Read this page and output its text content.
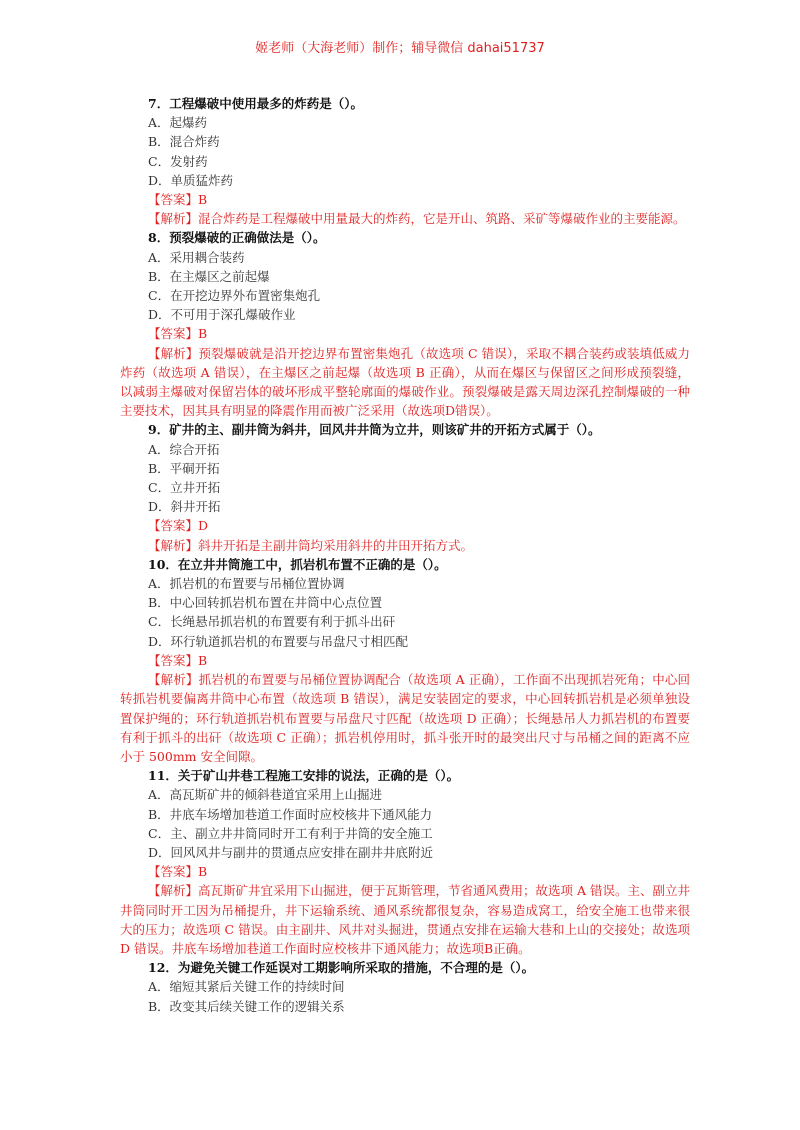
姬老师（大海老师）制作；辅导微信 dahai51737
7．工程爆破中使用最多的炸药是（）。
A．起爆药
B．混合炸药
C．发射药
D．单质猛炸药
【答案】B
【解析】混合炸药是工程爆破中用量最大的炸药，它是开山、筑路、采矿等爆破作业的主要能源。
8．预裂爆破的正确做法是（）。
A．采用耦合装药
B．在主爆区之前起爆
C．在开挖边界外布置密集炮孔
D．不可用于深孔爆破作业
【答案】B
【解析】预裂爆破就是沿开挖边界布置密集炮孔（故选项 C 错误），采取不耦合装药或装填低威力炸药（故选项 A 错误），在主爆区之前起爆（故选项 B 正确），从而在爆区与保留区之间形成预裂缝，以减弱主爆破对保留岩体的破坏形成平整轮廓面的爆破作业。预裂爆破是露天周边深孔控制爆破的一种主要技术，因其具有明显的降震作用而被广泛采用（故选项D错误）。
9．矿井的主、副井筒为斜井，回风井井筒为立井，则该矿井的开拓方式属于（）。
A．综合开拓
B．平硐开拓
C．立井开拓
D．斜井开拓
【答案】D
【解析】斜井开拓是主副井筒均采用斜井的井田开拓方式。
10．在立井井筒施工中，抓岩机布置不正确的是（）。
A．抓岩机的布置要与吊桶位置协调
B．中心回转抓岩机布置在井筒中心点位置
C．长绳悬吊抓岩机的布置要有利于抓斗出矸
D．环行轨道抓岩机的布置要与吊盘尺寸相匹配
【答案】B
【解析】抓岩机的布置要与吊桶位置协调配合（故选项 A 正确），工作面不出现抓岩死角；中心回转抓岩机要偏离井筒中心布置（故选项 B 错误），满足安装固定的要求，中心回转抓岩机是必须单独设置保护绳的；环行轨道抓岩机布置要与吊盘尺寸匹配（故选项 D 正确）；长绳悬吊人力抓岩机的布置要有利于抓斗的出矸（故选项 C 正确）；抓岩机停用时，抓斗张开时的最突出尺寸与吊桶之间的距离不应小于 500mm 安全间隙。
11．关于矿山井巷工程施工安排的说法，正确的是（）。
A．高瓦斯矿井的倾斜巷道宜采用上山掘进
B．井底车场增加巷道工作面时应校核井下通风能力
C．主、副立井井筒同时开工有利于井筒的安全施工
D．回风风井与副井的贯通点应安排在副井井底附近
【答案】B
【解析】高瓦斯矿井宜采用下山掘进，便于瓦斯管理，节省通风费用；故选项 A 错误。主、副立井井筒同时开工因为吊桶提升，井下运输系统、通风系统都很复杂，容易造成窝工，给安全施工也带来很大的压力；故选项 C 错误。由主副井、风井对头掘进，贯通点安排在运输大巷和上山的交接处；故选项 D 错误。井底车场增加巷道工作面时应校核井下通风能力；故选项B正确。
12．为避免关键工作延误对工期影响所采取的措施，不合理的是（）。
A．缩短其紧后关键工作的持续时间
B．改变其后续关键工作的逻辑关系
